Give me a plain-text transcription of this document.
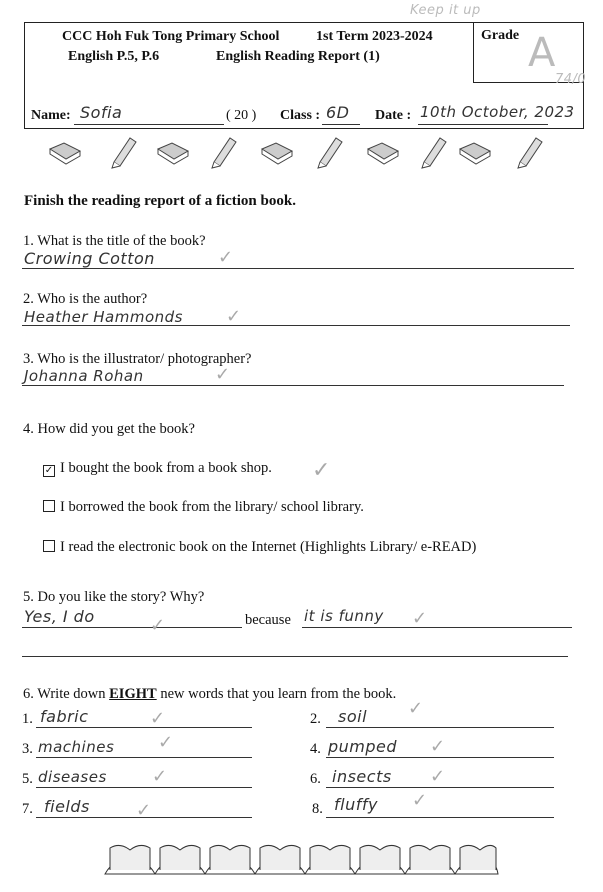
Keep it up
CCC Hoh Fuk Tong Primary School	1st Term 2023-2024
English P.5, P.6	English Reading Report (1)
Grade A
74/0
Name: Sofia	( 20 ) Class : 6D Date : 10th October, 2023
Finish the reading report of a fiction book.
1. What is the title of the book?
Crowing Cotton	✓
2. Who is the author?
Heather Hammonds ✓
3. Who is the illustrator/ photographer?
Johanna Rohan	✓
4. How did you get the book?
✓ I bought the book from a book shop. ✓
I borrowed the book from the library/ school library.
I read the electronic book on the Internet (Highlights Library/ e-READ)
5. Do you like the story? Why?
Yes, I do	✓	because it is funny ✓
6. Write down EIGHT new words that you learn from the book.
1. fabric	✓	2. soil ✓
3. machines ✓	4. pumped ✓
5. diseases	✓	6. insects ✓
7. fields	✓	8. fluffy ✓
